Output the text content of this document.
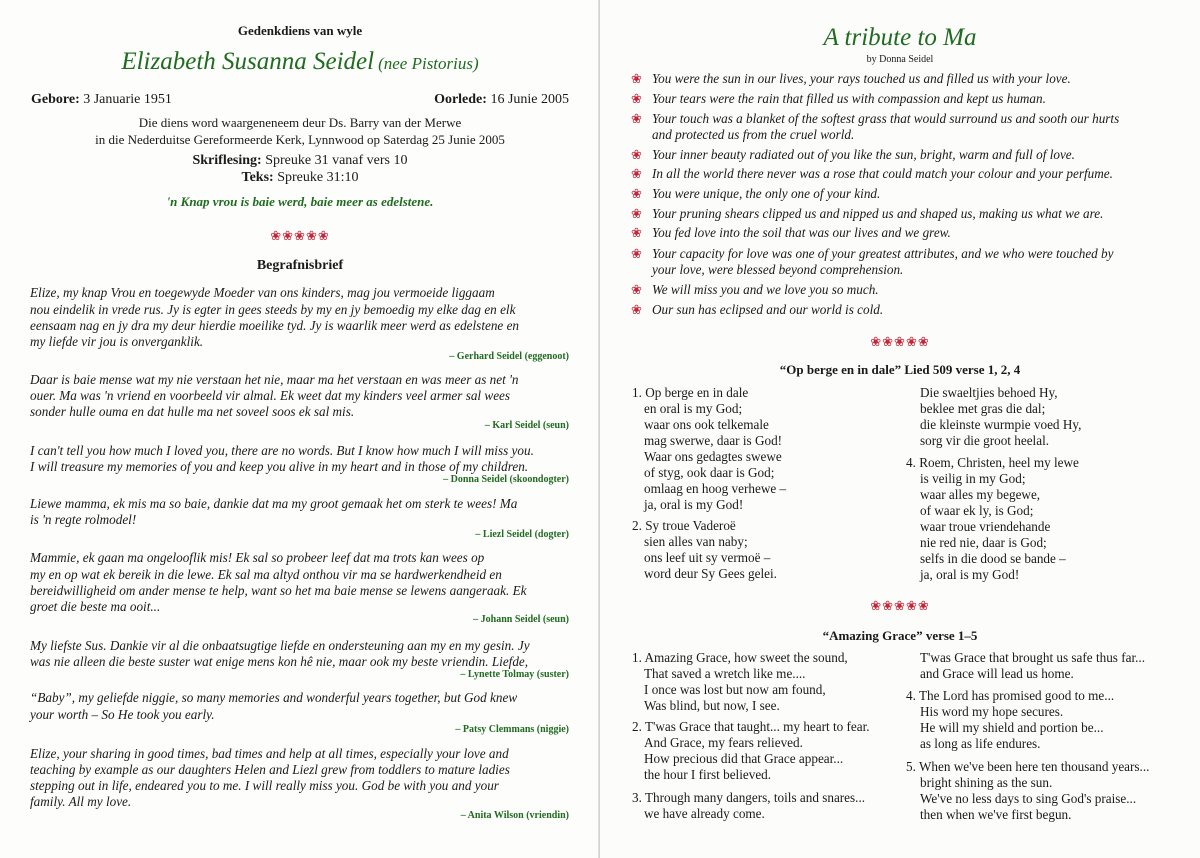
Gedenkdiens van wyle
Elizabeth Susanna Seidel (nee Pistorius)
Gebore: 3 Januarie 1951	Oorlede: 16 Junie 2005
Die diens word waargeneneem deur Ds. Barry van der Merwe
in die Nederduitse Gereformeerde Kerk, Lynnwood op Saterdag 25 Junie 2005
Skriflesing: Spreuke 31 vanaf vers 10
Teks: Spreuke 31:10
'n Knap vrou is baie werd, baie meer as edelstene.
❀❀❀❀❀
Begrafnisbrief
Elize, my knap Vrou en toegewyde Moeder van ons kinders, mag jou vermoeide liggaam
nou eindelik in vrede rus. Jy is egter in gees steeds by my en jy bemoedig my elke dag en elk
eensaam nag en jy dra my deur hierdie moeilike tyd. Jy is waarlik meer werd as edelstene en
my liefde vir jou is onverganklik.
– Gerhard Seidel (eggenoot)
Daar is baie mense wat my nie verstaan het nie, maar ma het verstaan en was meer as net 'n
ouer. Ma was 'n vriend en voorbeeld vir almal. Ek weet dat my kinders veel armer sal wees
sonder hulle ouma en dat hulle ma net soveel soos ek sal mis.
– Karl Seidel (seun)
I can't tell you how much I loved you, there are no words. But I know how much I will miss you.
I will treasure my memories of you and keep you alive in my heart and in those of my children.
– Donna Seidel (skoondogter)
Liewe mamma, ek mis ma so baie, dankie dat ma my groot gemaak het om sterk te wees! Ma
is 'n regte rolmodel!
– Liezl Seidel (dogter)
Mammie, ek gaan ma ongelooflik mis! Ek sal so probeer leef dat ma trots kan wees op
my en op wat ek bereik in die lewe. Ek sal ma altyd onthou vir ma se hardwerkendheid en
bereidwilligheid om ander mense te help, want so het ma baie mense se lewens aangeraak. Ek
groet die beste ma ooit...
– Johann Seidel (seun)
My liefste Sus. Dankie vir al die onbaatsugtige liefde en ondersteuning aan my en my gesin. Jy
was nie alleen die beste suster wat enige mens kon hê nie, maar ook my beste vriendin. Liefde,
– Lynette Tolmay (suster)
“Baby”, my geliefde niggie, so many memories and wonderful years together, but God knew
your worth – So He took you early.
– Patsy Clemmans (niggie)
Elize, your sharing in good times, bad times and help at all times, especially your love and
teaching by example as our daughters Helen and Liezl grew from toddlers to mature ladies
stepping out in life, endeared you to me. I will really miss you. God be with you and your
family. All my love.
– Anita Wilson (vriendin)
A tribute to Ma
by Donna Seidel
❀ You were the sun in our lives, your rays touched us and filled us with your love.
❀ Your tears were the rain that filled us with compassion and kept us human.
❀ Your touch was a blanket of the softest grass that would surround us and sooth our hurts
and protected us from the cruel world.
❀ Your inner beauty radiated out of you like the sun, bright, warm and full of love.
❀ In all the world there never was a rose that could match your colour and your perfume.
❀ You were unique, the only one of your kind.
❀ Your pruning shears clipped us and nipped us and shaped us, making us what we are.
❀ You fed love into the soil that was our lives and we grew.
❀ Your capacity for love was one of your greatest attributes, and we who were touched by
your love, were blessed beyond comprehension.
❀ We will miss you and we love you so much.
❀ Our sun has eclipsed and our world is cold.
❀❀❀❀❀
“Op berge en in dale” Lied 509 verse 1, 2, 4
1. Op berge en in dale
en oral is my God;
waar ons ook telkemale
mag swerwe, daar is God!
Waar ons gedagtes swewe
of styg, ook daar is God;
omlaag en hoog verhewe –
ja, oral is my God!
2. Sy troue Vaderoë
sien alles van naby;
ons leef uit sy vermoë –
word deur Sy Gees gelei.
Die swaeltjies behoed Hy,
beklee met gras die dal;
die kleinste wurmpie voed Hy,
sorg vir die groot heelal.
4. Roem, Christen, heel my lewe
is veilig in my God;
waar alles my begewe,
of waar ek ly, is God;
waar troue vriendehande
nie red nie, daar is God;
selfs in die dood se bande –
ja, oral is my God!
❀❀❀❀❀
“Amazing Grace” verse 1–5
1. Amazing Grace, how sweet the sound,
That saved a wretch like me....
I once was lost but now am found,
Was blind, but now, I see.
2. T'was Grace that taught... my heart to fear.
And Grace, my fears relieved.
How precious did that Grace appear...
the hour I first believed.
3. Through many dangers, toils and snares...
we have already come.
T'was Grace that brought us safe thus far...
and Grace will lead us home.
4. The Lord has promised good to me...
His word my hope secures.
He will my shield and portion be...
as long as life endures.
5. When we've been here ten thousand years...
bright shining as the sun.
We've no less days to sing God's praise...
then when we've first begun.
